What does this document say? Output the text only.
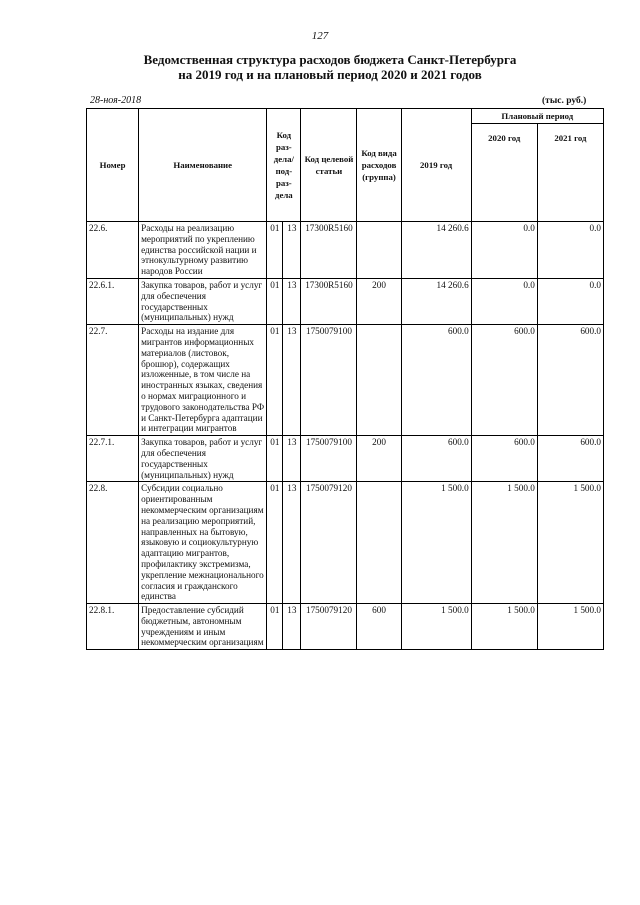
127
Ведомственная структура расходов бюджета Санкт-Петербурга
на 2019 год и на плановый период 2020 и 2021 годов
28-ноя-2018	(тыс. руб.)
Номер	Наименование	Код раз-дела/ под-раз-дела		Код целевой статьи	Код вида расходов (группа)	2019 год	Плановый период	
							2020 год	2021 год
22.6.	Расходы на реализацию мероприятий по укреплению единства российской нации и этнокультурному развитию народов России	01	13	17300R5160		14 260.6	0.0	0.0
22.6.1.	Закупка товаров, работ и услуг для обеспечения государственных (муниципальных) нужд	01	13	17300R5160	200	14 260.6	0.0	0.0
22.7.	Расходы на издание для мигрантов информационных материалов (листовок, брошюр), содержащих изложенные, в том числе на иностранных языках, сведения о нормах миграционного и трудового законодательства РФ и Санкт-Петербурга адаптации и интеграции мигрантов	01	13	1750079100		600.0	600.0	600.0
22.7.1.	Закупка товаров, работ и услуг для обеспечения государственных (муниципальных) нужд	01	13	1750079100	200	600.0	600.0	600.0
22.8.	Субсидии социально ориентированным некоммерческим организациям на реализацию мероприятий, направленных на бытовую, языковую и социокультурную адаптацию мигрантов, профилактику экстремизма, укрепление межнационального согласия и гражданского единства	01	13	1750079120		1 500.0	1 500.0	1 500.0
22.8.1.	Предоставление субсидий бюджетным, автономным учреждениям и иным некоммерческим организациям	01	13	1750079120	600	1 500.0	1 500.0	1 500.0
